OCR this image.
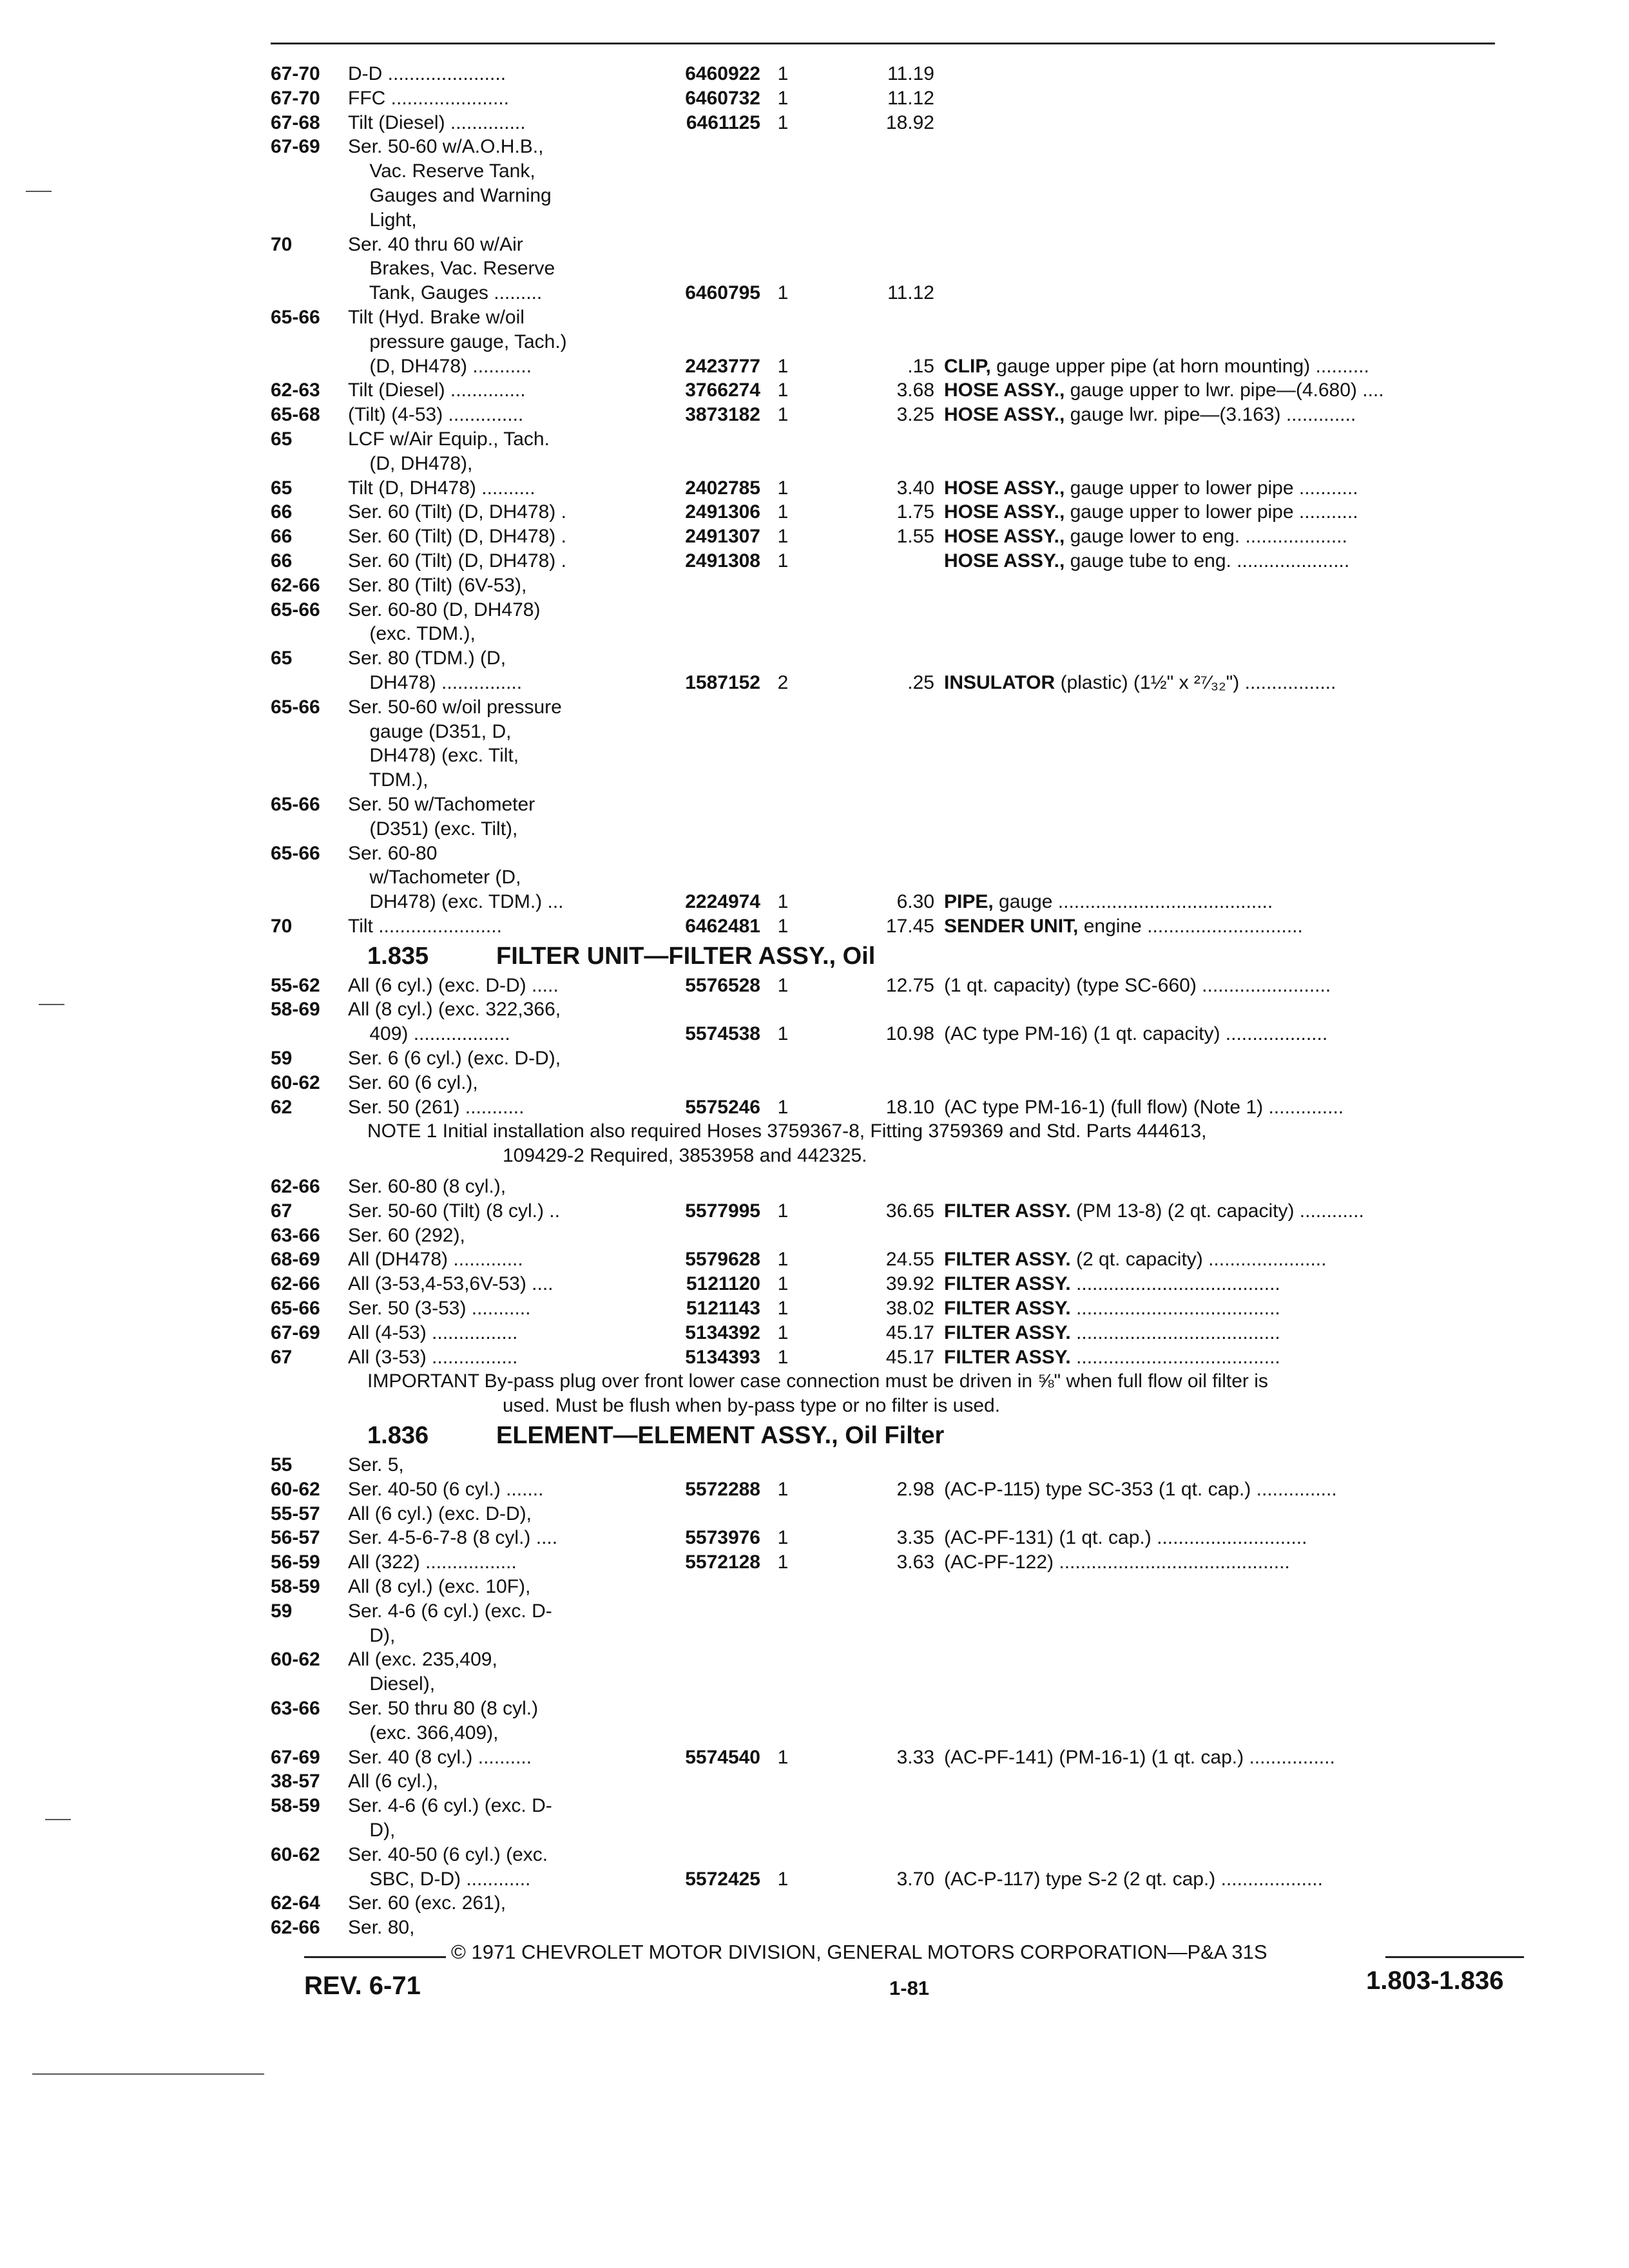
67-70 D-D ......................	6460922 1	11.19
67-70 FFC ......................	6460732 1	11.12
67-68 Tilt (Diesel) ..............	6461125 1	18.92
67-69 Ser. 50-60 w/A.O.H.B.,
Vac. Reserve Tank,
Gauges and Warning
Light,
70	Ser. 40 thru 60 w/Air
Brakes, Vac. Reserve
Tank, Gauges .........	6460795 1	11.12
65-66 Tilt (Hyd. Brake w/oil
pressure gauge, Tach.)
(D, DH478) ...........	2423777 1	.15 CLIP, gauge upper pipe (at horn mounting) ..........
62-63 Tilt (Diesel) ..............	3766274 1	3.68 HOSE ASSY., gauge upper to lwr. pipe—(4.680) ....
65-68 (Tilt) (4-53) ..............	3873182 1	3.25 HOSE ASSY., gauge lwr. pipe—(3.163) .............
65	LCF w/Air Equip., Tach.
(D, DH478),
65	Tilt (D, DH478) ..........	2402785 1	3.40 HOSE ASSY., gauge upper to lower pipe ...........
66	Ser. 60 (Tilt) (D, DH478) .	2491306 1	1.75 HOSE ASSY., gauge upper to lower pipe ...........
66	Ser. 60 (Tilt) (D, DH478) .	2491307 1	1.55 HOSE ASSY., gauge lower to eng. ...................
66	Ser. 60 (Tilt) (D, DH478) .	2491308 1	HOSE ASSY., gauge tube to eng. .....................
62-66 Ser. 80 (Tilt) (6V-53),
65-66 Ser. 60-80 (D, DH478)
(exc. TDM.),
65	Ser. 80 (TDM.) (D,
DH478) ...............	1587152 2	.25 INSULATOR (plastic) (1½" x ²⁷⁄₃₂") .................
65-66 Ser. 50-60 w/oil pressure
gauge (D351, D,
DH478) (exc. Tilt,
TDM.),
65-66 Ser. 50 w/Tachometer
(D351) (exc. Tilt),
65-66 Ser. 60-80
w/Tachometer (D,
DH478) (exc. TDM.) ...	2224974 1	6.30 PIPE, gauge ........................................
70	Tilt .......................	6462481 1	17.45 SENDER UNIT, engine .............................
1.835	FILTER UNIT—FILTER ASSY., Oil
55-62 All (6 cyl.) (exc. D-D) .....	5576528 1	12.75 (1 qt. capacity) (type SC-660) ........................
58-69 All (8 cyl.) (exc. 322,366,
409) ..................	5574538 1	10.98 (AC type PM-16) (1 qt. capacity) ...................
59	Ser. 6 (6 cyl.) (exc. D-D),
60-62 Ser. 60 (6 cyl.),
62	Ser. 50 (261) ...........	5575246 1	18.10 (AC type PM-16-1) (full flow) (Note 1) ..............
NOTE 1 Initial installation also required Hoses 3759367-8, Fitting 3759369 and Std. Parts 444613,
109429-2 Required, 3853958 and 442325.
62-66 Ser. 60-80 (8 cyl.),
67	Ser. 50-60 (Tilt) (8 cyl.) ..	5577995 1	36.65 FILTER ASSY. (PM 13-8) (2 qt. capacity) ............
63-66 Ser. 60 (292),
68-69 All (DH478) .............	5579628 1	24.55 FILTER ASSY. (2 qt. capacity) ......................
62-66 All (3-53,4-53,6V-53) ....	5121120 1	39.92 FILTER ASSY. ......................................
65-66 Ser. 50 (3-53) ...........	5121143 1	38.02 FILTER ASSY. ......................................
67-69 All (4-53) ................	5134392 1	45.17 FILTER ASSY. ......................................
67	All (3-53) ................	5134393 1	45.17 FILTER ASSY. ......................................
IMPORTANT By-pass plug over front lower case connection must be driven in ⅝" when full flow oil filter is
used. Must be flush when by-pass type or no filter is used.
1.836	ELEMENT—ELEMENT ASSY., Oil Filter
55	Ser. 5,
60-62 Ser. 40-50 (6 cyl.) .......	5572288 1	2.98 (AC-P-115) type SC-353 (1 qt. cap.) ...............
55-57 All (6 cyl.) (exc. D-D),
56-57 Ser. 4-5-6-7-8 (8 cyl.) ....	5573976 1	3.35 (AC-PF-131) (1 qt. cap.) ............................
56-59 All (322) .................	5572128 1	3.63 (AC-PF-122) ...........................................
58-59 All (8 cyl.) (exc. 10F),
59	Ser. 4-6 (6 cyl.) (exc. D-
D),
60-62 All (exc. 235,409,
Diesel),
63-66 Ser. 50 thru 80 (8 cyl.)
(exc. 366,409),
67-69 Ser. 40 (8 cyl.) ..........	5574540 1	3.33 (AC-PF-141) (PM-16-1) (1 qt. cap.) ................
38-57 All (6 cyl.),
58-59 Ser. 4-6 (6 cyl.) (exc. D-
D),
60-62 Ser. 40-50 (6 cyl.) (exc.
SBC, D-D) ............	5572425 1	3.70 (AC-P-117) type S-2 (2 qt. cap.) ...................
62-64 Ser. 60 (exc. 261),
62-66 Ser. 80,
© 1971 CHEVROLET MOTOR DIVISION, GENERAL MOTORS CORPORATION—P&A 31S
REV. 6-71	1-81	1.803-1.836
